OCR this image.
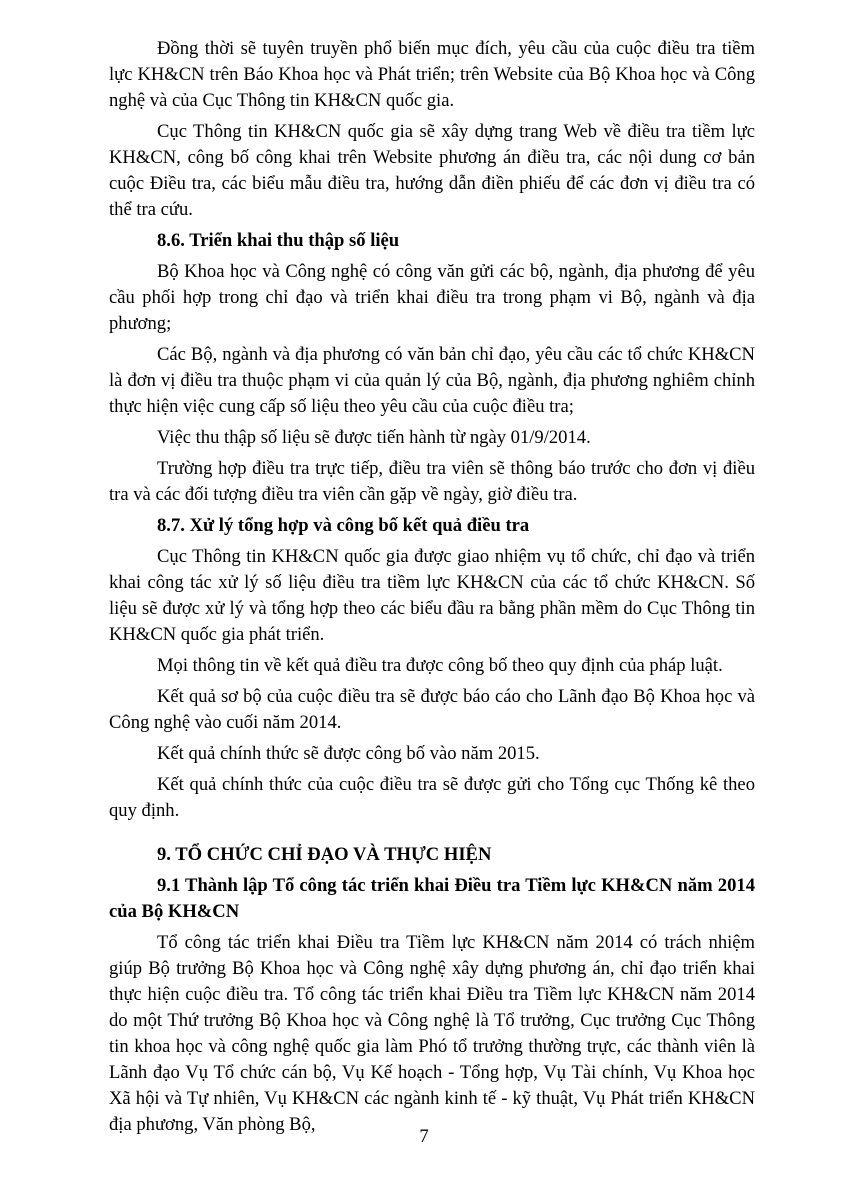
Đồng thời sẽ tuyên truyền phổ biến mục đích, yêu cầu của cuộc điều tra tiềm lực KH&CN trên Báo Khoa học và Phát triển; trên Website của Bộ Khoa học và Công nghệ và của Cục Thông tin KH&CN quốc gia.

Cục Thông tin KH&CN quốc gia sẽ xây dựng trang Web về điều tra tiềm lực KH&CN, công bố công khai trên Website phương án điều tra, các nội dung cơ bản cuộc Điều tra, các biểu mẫu điều tra, hướng dẫn điền phiếu để các đơn vị điều tra có thể tra cứu.

8.6. Triển khai thu thập số liệu

Bộ Khoa học và Công nghệ có công văn gửi các bộ, ngành, địa phương để yêu cầu phối hợp trong chỉ đạo và triển khai điều tra trong phạm vi Bộ, ngành và địa phương;

Các Bộ, ngành và địa phương có văn bản chỉ đạo, yêu cầu các tổ chức KH&CN là đơn vị điều tra thuộc phạm vi của quản lý của Bộ, ngành, địa phương nghiêm chỉnh thực hiện việc cung cấp số liệu theo yêu cầu của cuộc điều tra;

Việc thu thập số liệu sẽ được tiến hành từ ngày 01/9/2014.

Trường hợp điều tra trực tiếp, điều tra viên sẽ thông báo trước cho đơn vị điều tra và các đối tượng điều tra viên cần gặp về ngày, giờ điều tra.

8.7. Xử lý tổng hợp và công bố kết quả điều tra

Cục Thông tin KH&CN quốc gia được giao nhiệm vụ tổ chức, chỉ đạo và triển khai công tác xử lý số liệu điều tra tiềm lực KH&CN của các tổ chức KH&CN. Số liệu sẽ được xử lý và tổng hợp theo các biểu đầu ra bằng phần mềm do Cục Thông tin KH&CN quốc gia phát triển.

Mọi thông tin về kết quả điều tra được công bố theo quy định của pháp luật.

Kết quả sơ bộ của cuộc điều tra sẽ được báo cáo cho Lãnh đạo Bộ Khoa học và Công nghệ vào cuối năm 2014.

Kết quả chính thức sẽ được công bố vào năm 2015.

Kết quả chính thức của cuộc điều tra sẽ được gửi cho Tổng cục Thống kê theo quy định.

9. TỔ CHỨC CHỈ ĐẠO VÀ THỰC HIỆN
9.1 Thành lập Tổ công tác triển khai Điều tra Tiềm lực KH&CN năm 2014 của Bộ KH&CN

Tổ công tác triển khai Điều tra Tiềm lực KH&CN năm 2014 có trách nhiệm giúp Bộ trưởng Bộ Khoa học và Công nghệ xây dựng phương án, chỉ đạo triển khai thực hiện cuộc điều tra. Tổ công tác triển khai Điều tra Tiềm lực KH&CN năm 2014 do một Thứ trưởng Bộ Khoa học và Công nghệ là Tổ trưởng, Cục trưởng Cục Thông tin khoa học và công nghệ quốc gia làm Phó tổ trưởng thường trực, các thành viên là Lãnh đạo Vụ Tổ chức cán bộ, Vụ Kế hoạch - Tổng hợp, Vụ Tài chính, Vụ Khoa học Xã hội và Tự nhiên, Vụ KH&CN các ngành kinh tế - kỹ thuật, Vụ Phát triển KH&CN địa phương, Văn phòng Bộ,

7
